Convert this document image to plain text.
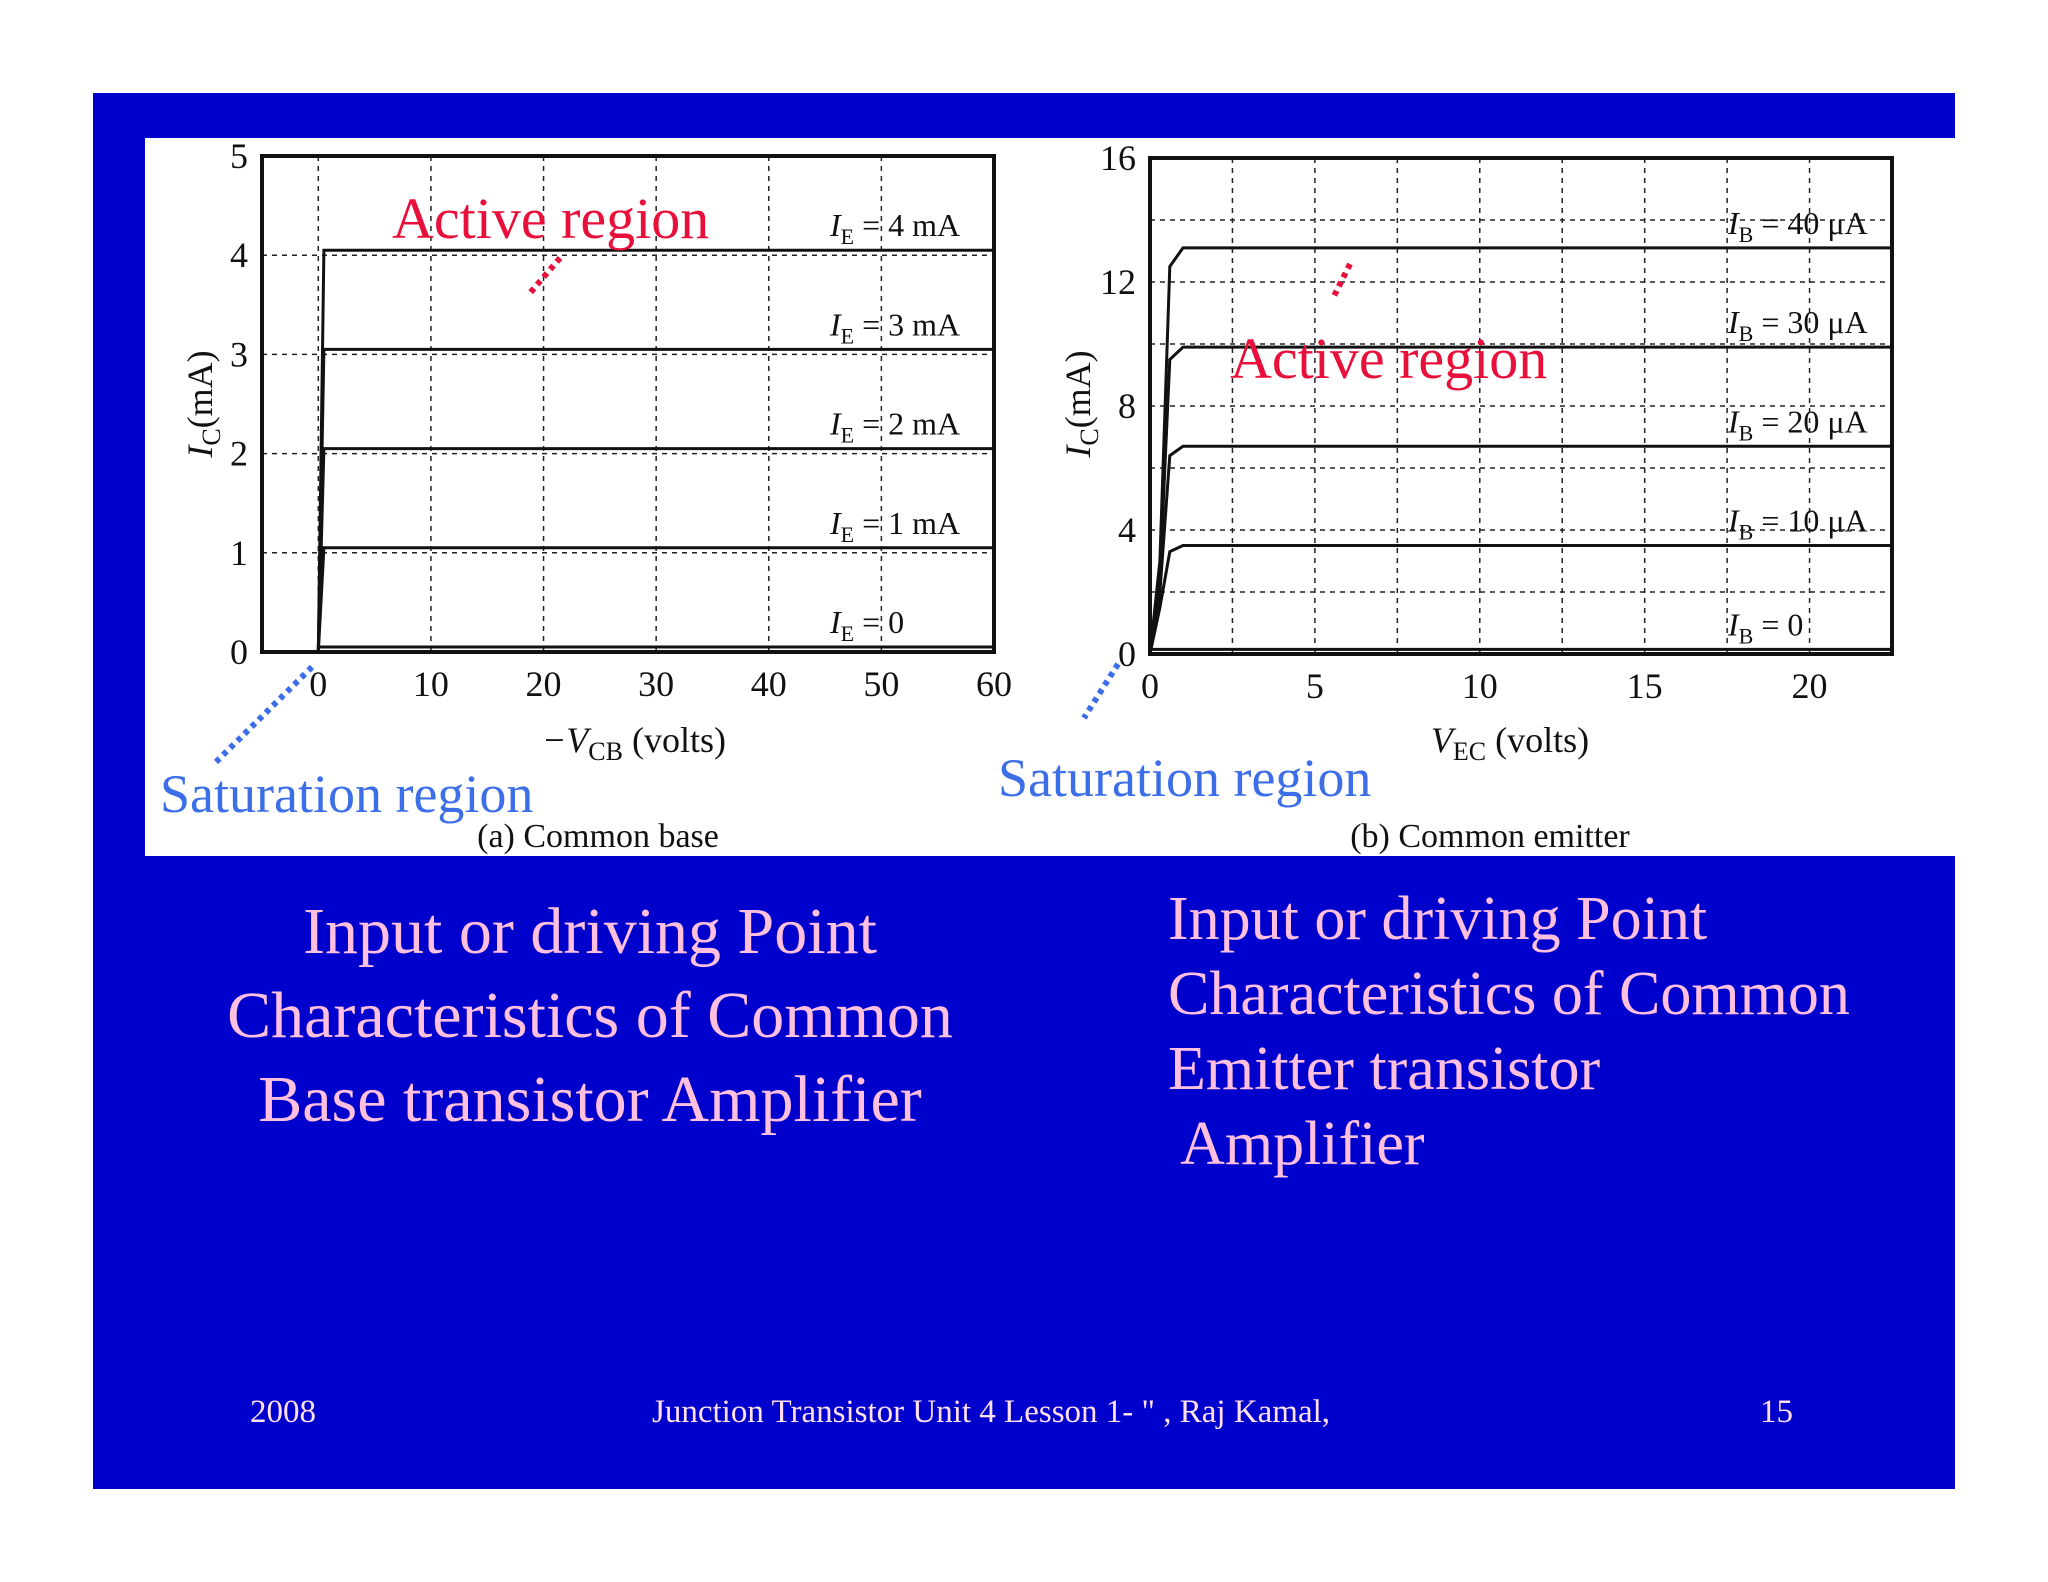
0 10 20 30 40 50 60
0
1
2
3
4
5
$I_E = 4$ mA
$I_E = 3$ mA
$I_E = 2$ mA
$I_E = 1$ mA
$I_E = 0$
$-V_{CB}$ (volts)
$I_C(mA)$
(a) Common base
Active region
Saturation region
0	5	10	15	20
0
4
8
12
16
$I_B = 40$ μA
$I_B = 30$ μA
$I_B = 20$ μA
$I_B = 10$ μA
$I_B = 0$
$V_{EC}$ (volts)
$I_C(mA)$
(b) Common emitter
Active region
Saturation region
Input or driving Point
Characteristics of Common
Base transistor Amplifier
Input or driving Point
Characteristics of Common
Emitter transistor
Amplifier
2008	Junction Transistor Unit 4 Lesson 1- " , Raj Kamal,	15
